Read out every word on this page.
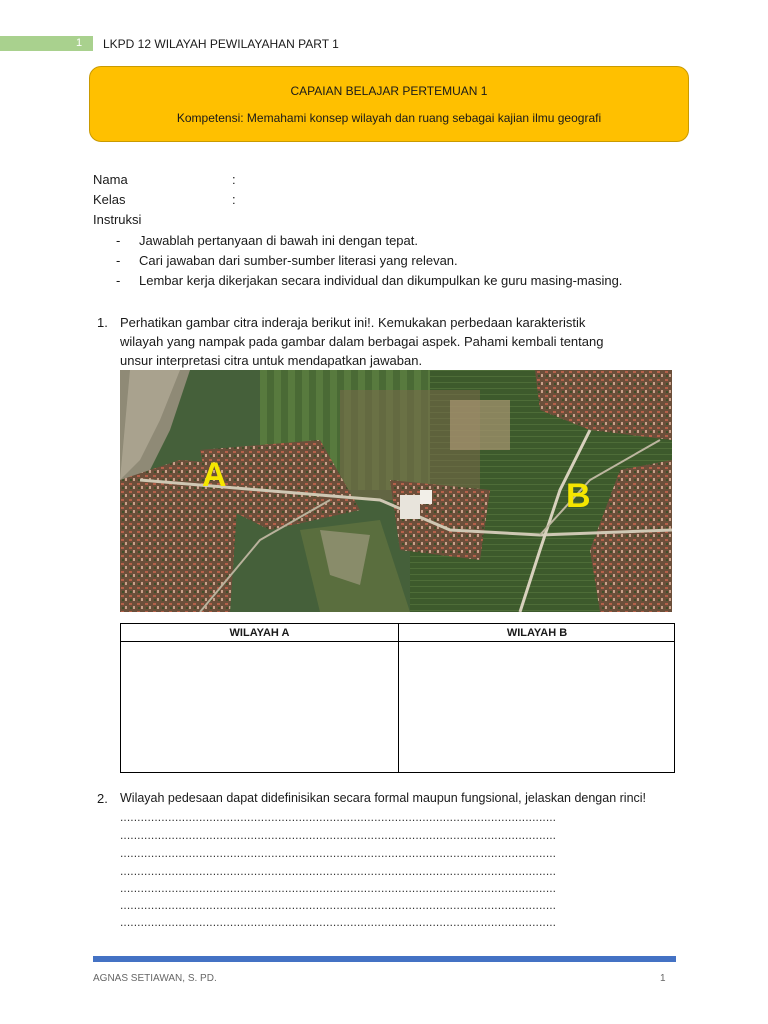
1 LKPD 12 WILAYAH PEWILAYAHAN PART 1
CAPAIAN BELAJAR PERTEMUAN 1
Kompetensi: Memahami konsep wilayah dan ruang sebagai kajian ilmu geografi
Nama	:
Kelas	:
Instruksi
- Jawablah pertanyaan di bawah ini dengan tepat.
- Cari jawaban dari sumber-sumber literasi yang relevan.
- Lembar kerja dikerjakan secara individual dan dikumpulkan ke guru masing-masing.
1. Perhatikan gambar citra inderaja berikut ini!. Kemukakan perbedaan karakteristik
wilayah yang nampak pada gambar dalam berbagai aspek. Pahami kembali tentang
unsur interpretasi citra untuk mendapatkan jawaban.
A
B
WILAYAH A	WILAYAH B
2. Wilayah pedesaan dapat didefinisikan secara formal maupun fungsional, jelaskan dengan rinci!
...............................................................................................................................
...............................................................................................................................
...............................................................................................................................
...............................................................................................................................
...............................................................................................................................
...............................................................................................................................
...............................................................................................................................
AGNAS SETIAWAN, S. PD.	1
